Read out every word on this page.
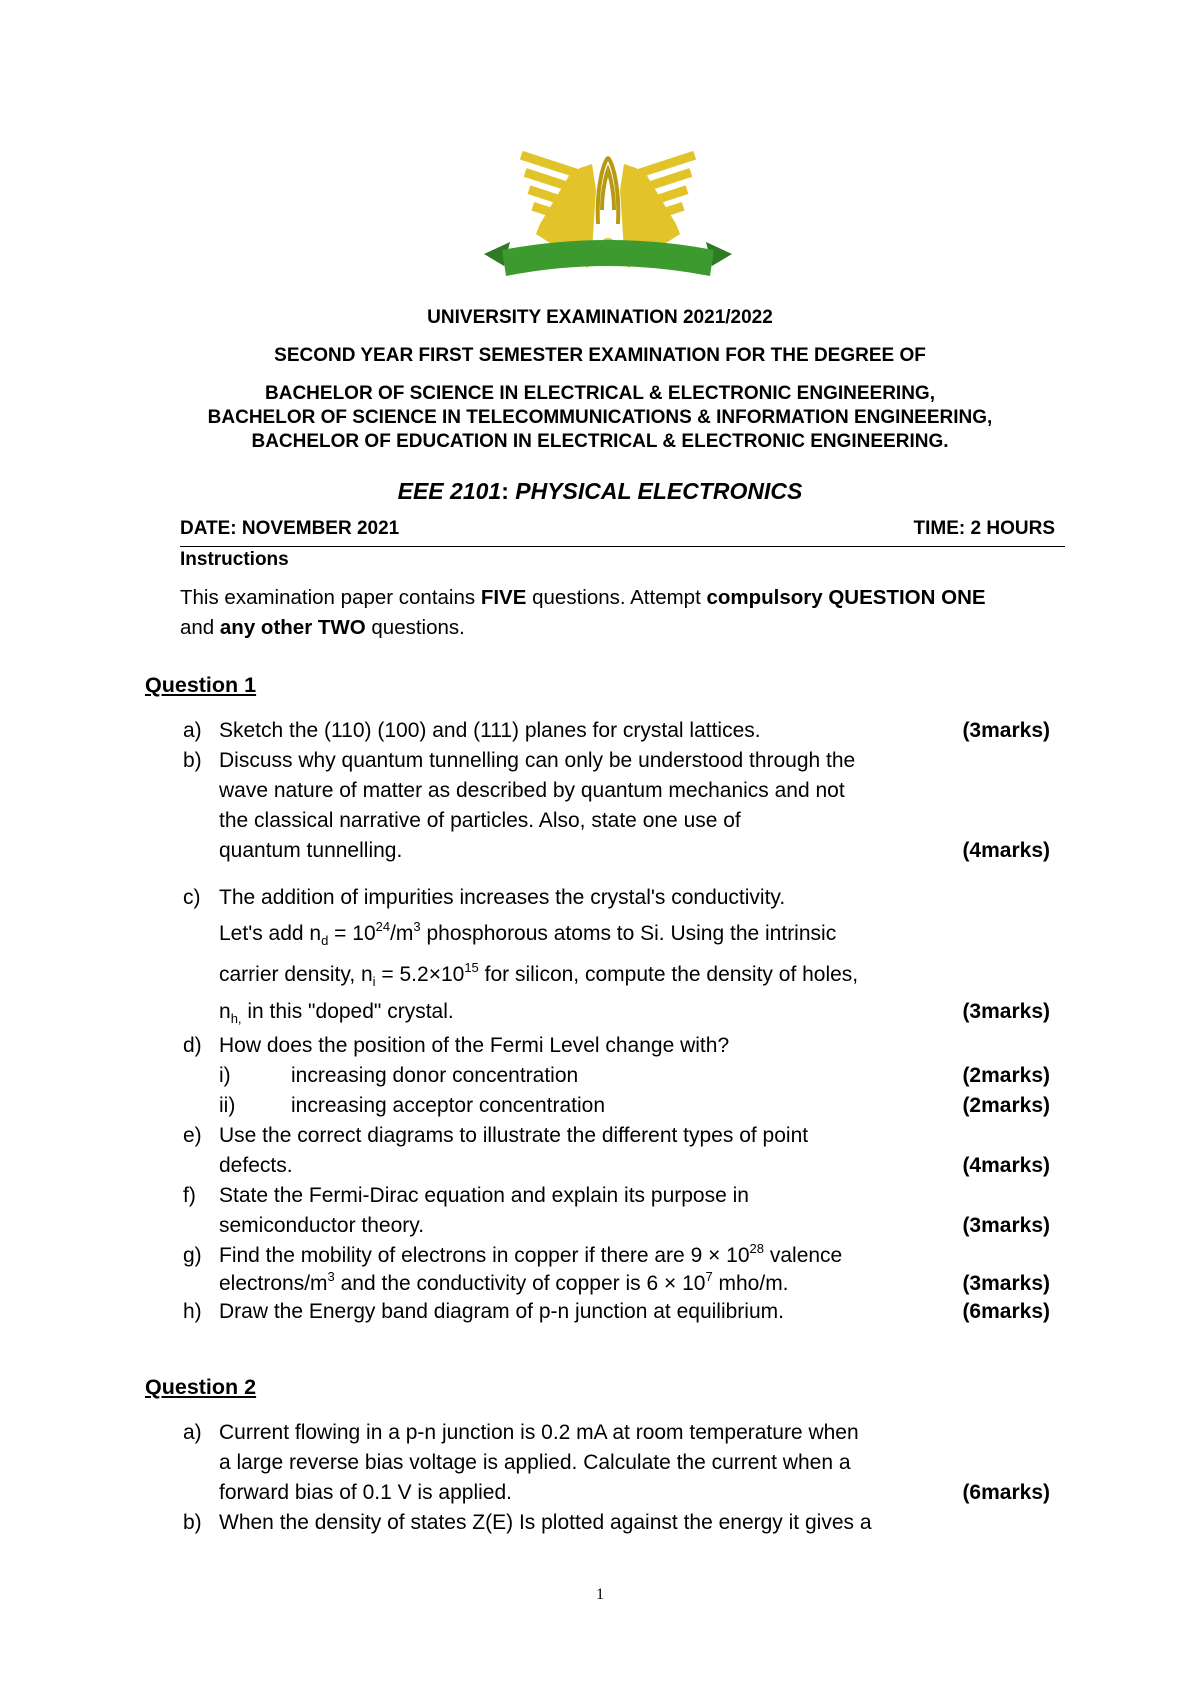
UNIVERSITY EXAMINATION 2021/2022
SECOND YEAR FIRST SEMESTER EXAMINATION FOR THE DEGREE OF
BACHELOR OF SCIENCE IN ELECTRICAL & ELECTRONIC ENGINEERING,
BACHELOR OF SCIENCE IN TELECOMMUNICATIONS & INFORMATION ENGINEERING,
BACHELOR OF EDUCATION IN ELECTRICAL & ELECTRONIC ENGINEERING.
EEE 2101: PHYSICAL ELECTRONICS
DATE: NOVEMBER 2021	TIME: 2 HOURS
Instructions
This examination paper contains FIVE questions. Attempt compulsory QUESTION ONE
and any other TWO questions.
Question 1
a) Sketch the (110) (100) and (111) planes for crystal lattices.	(3marks)
b) Discuss why quantum tunnelling can only be understood through the
wave nature of matter as described by quantum mechanics and not
the classical narrative of particles. Also, state one use of
quantum tunnelling.	(4marks)
c) The addition of impurities increases the crystal's conductivity.
Let's add $n_d = 10^{24}/m^3$ phosphorous atoms to Si. Using the intrinsic
carrier density, $n_i = 5.2\times 10^{15}$ for silicon, compute the density of holes,
$n_{h,}$ in this "doped" crystal.	(3marks)
d) How does the position of the Fermi Level change with?
i)	increasing donor concentration	(2marks)
ii)	increasing acceptor concentration	(2marks)
e) Use the correct diagrams to illustrate the different types of point
defects.	(4marks)
f) State the Fermi-Dirac equation and explain its purpose in
semiconductor theory.	(3marks)
g) Find the mobility of electrons in copper if there are $9 \times 10^{28}$ valence
electrons/$m^3$ and the conductivity of copper is $6 \times 10^7$ mho/m.	(3marks)
h) Draw the Energy band diagram of p-n junction at equilibrium.	(6marks)
Question 2
a) Current flowing in a p-n junction is 0.2 mA at room temperature when
a large reverse bias voltage is applied. Calculate the current when a
forward bias of 0.1 V is applied.	(6marks)
b) When the density of states Z(E) Is plotted against the energy it gives a
1
